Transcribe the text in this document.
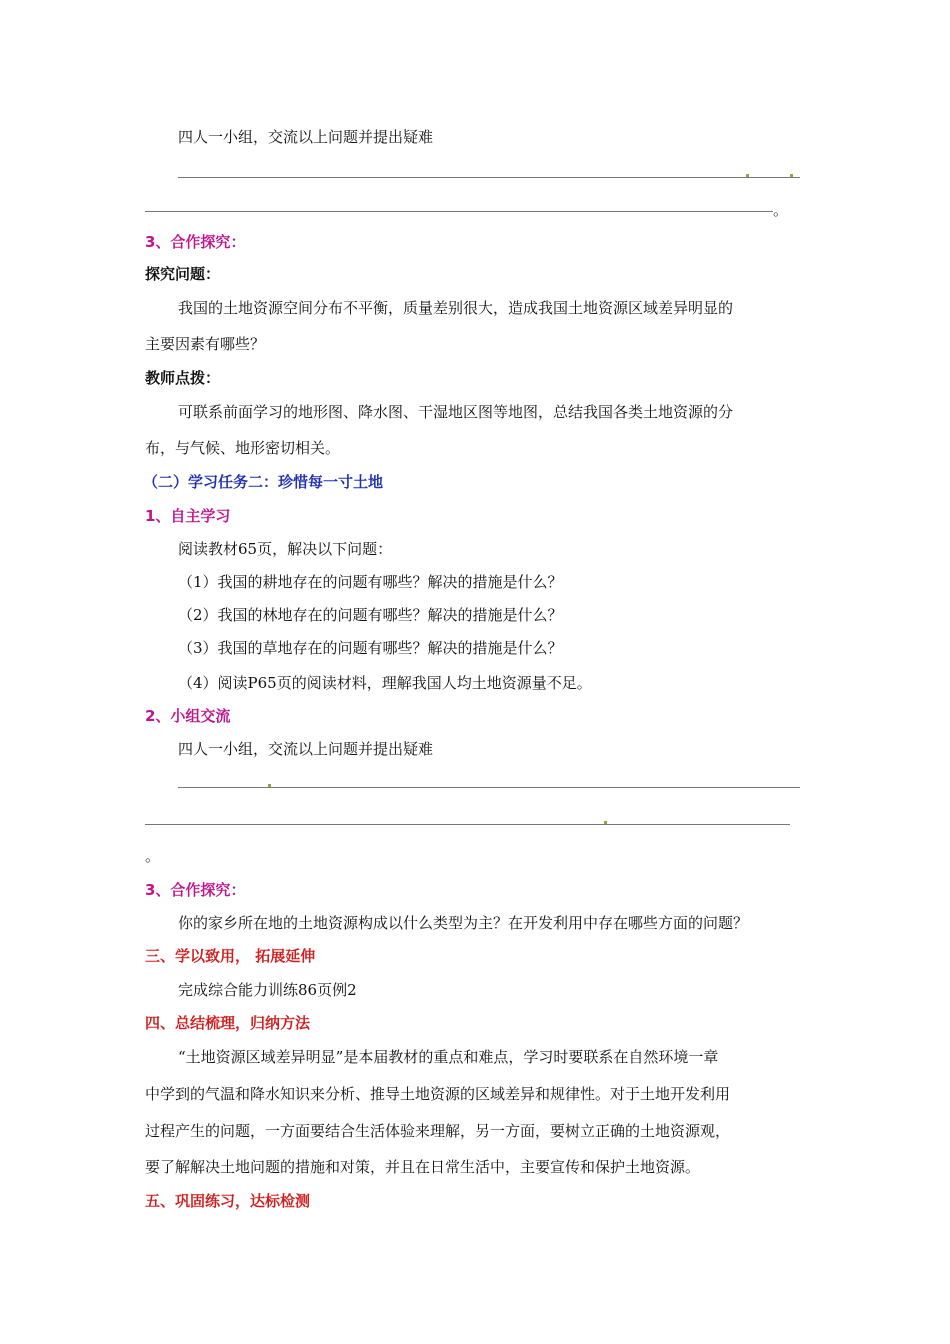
四人一小组，交流以上问题并提出疑难
。
3、合作探究：
探究问题：
我国的土地资源空间分布不平衡，质量差别很大，造成我国土地资源区域差异明显的
主要因素有哪些？
教师点拨：
可联系前面学习的地形图、降水图、干湿地区图等地图，总结我国各类土地资源的分
布，与气候、地形密切相关。
（二）学习任务二：珍惜每一寸土地
1、自主学习
阅读教材65页，解决以下问题：
（1）我国的耕地存在的问题有哪些？解决的措施是什么？
（2）我国的林地存在的问题有哪些？解决的措施是什么？
（3）我国的草地存在的问题有哪些？解决的措施是什么？
（4）阅读P65页的阅读材料，理解我国人均土地资源量不足。
2、小组交流
四人一小组，交流以上问题并提出疑难
。
3、合作探究：
你的家乡所在地的土地资源构成以什么类型为主？在开发利用中存在哪些方面的问题？
三、学以致用， 拓展延伸
完成综合能力训练86页例2
四、总结梳理，归纳方法
“土地资源区域差异明显”是本届教材的重点和难点，学习时要联系在自然环境一章
中学到的气温和降水知识来分析、推导土地资源的区域差异和规律性。对于土地开发利用
过程产生的问题，一方面要结合生活体验来理解，另一方面，要树立正确的土地资源观，
要了解解决土地问题的措施和对策，并且在日常生活中，主要宣传和保护土地资源。
五、巩固练习，达标检测
